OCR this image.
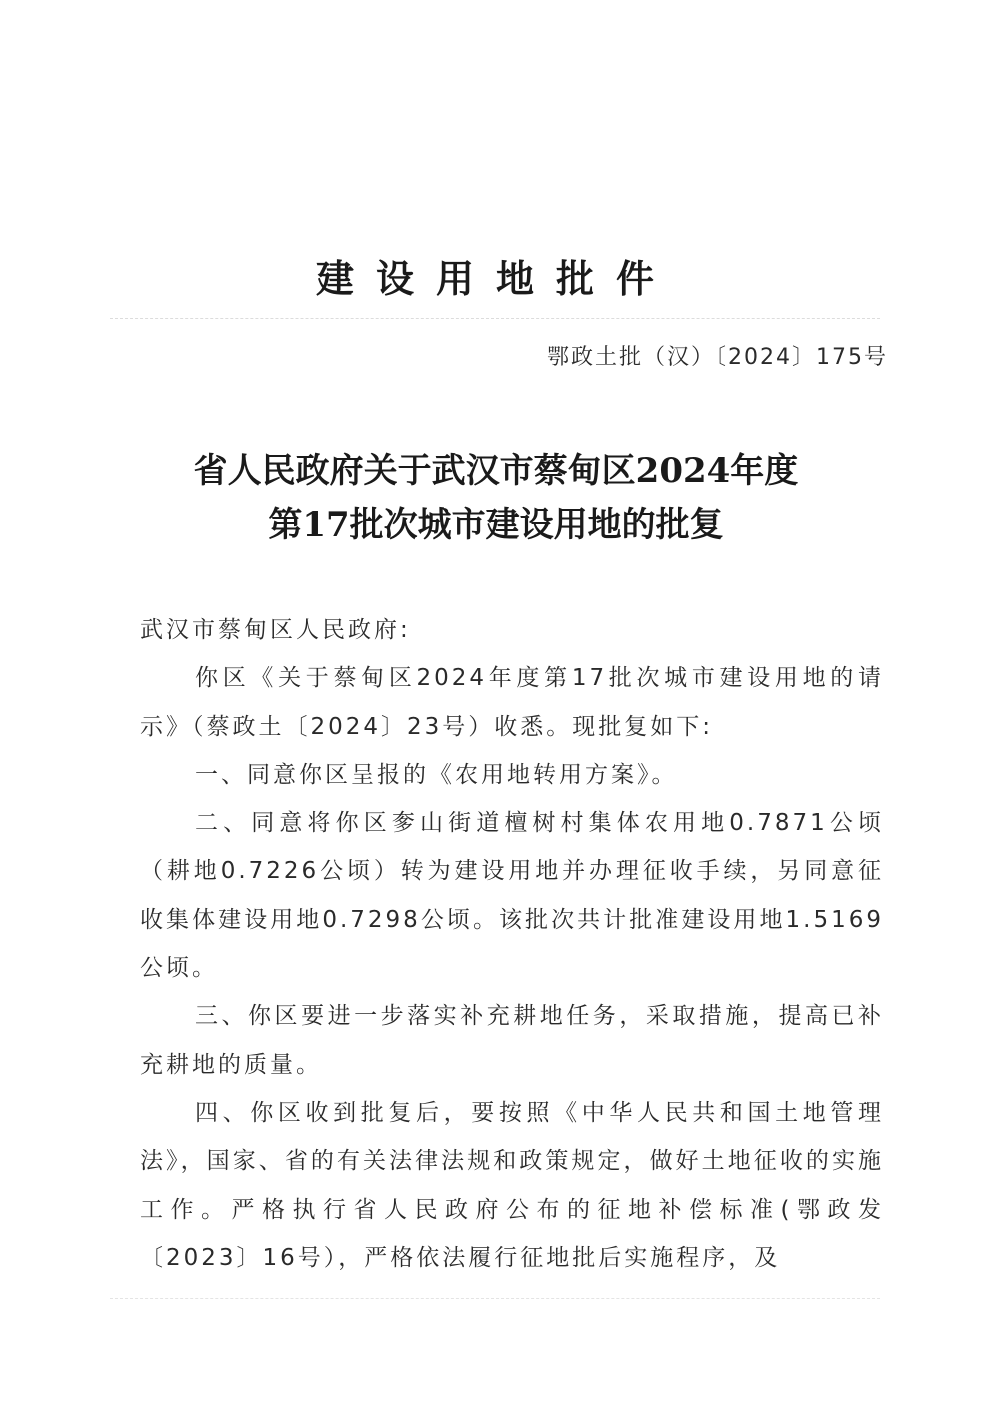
建设用地批件
鄂政土批（汉）〔2024〕175号
省人民政府关于武汉市蔡甸区2024年度
第17批次城市建设用地的批复

武汉市蔡甸区人民政府:

你区《关于蔡甸区2024年度第17批次城市建设用地的请示》（蔡政土〔2024〕23号）收悉。现批复如下:

一、同意你区呈报的《农用地转用方案》。

二、同意将你区奓山街道檀树村集体农用地0.7871公顷（耕地0.7226公顷）转为建设用地并办理征收手续，另同意征收集体建设用地0.7298公顷。该批次共计批准建设用地1.5169公顷。

三、你区要进一步落实补充耕地任务，采取措施，提高已补充耕地的质量。

四、你区收到批复后，要按照《中华人民共和国土地管理法》，国家、省的有关法律法规和政策规定，做好土地征收的实施工作。严格执行省人民政府公布的征地补偿标准(鄂政发〔2023〕16号），严格依法履行征地批后实施程序，及
